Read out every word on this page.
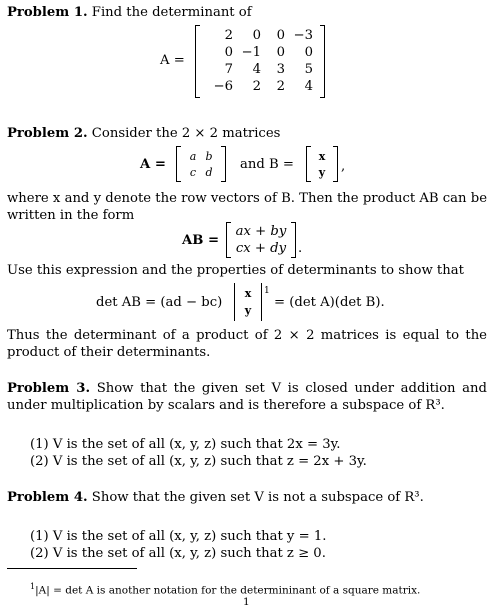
Problem 1. Find the determinant of
A =
2 0 0 −3
0 −1 0 0
7 4 3 5
−6 2 2 4
Problem 2. Consider the 2 × 2 matrices
A =
a b
c d
and B =
x
y	,
where x and y denote the row vectors of B. Then the product AB can be written in the form
AB =
ax + by
cx + dy .
Use this expression and the properties of determinants to show that
det AB = (ad − bc)
x
y
1
= (det A)(det B).
Thus the determinant of a product of 2 × 2 matrices is equal to the product of their determinants.
Problem 3. Show that the given set V is closed under addition and under multiplication by scalars and is therefore a subspace of R³.
(1) V is the set of all (x, y, z) such that 2x = 3y.
(2) V is the set of all (x, y, z) such that z = 2x + 3y.
Problem 4. Show that the given set V is not a subspace of R³.
(1) V is the set of all (x, y, z) such that y = 1.
(2) V is the set of all (x, y, z) such that z ≥ 0.
$^1$|A| = det A is another notation for the determininant of a square matrix.
1
